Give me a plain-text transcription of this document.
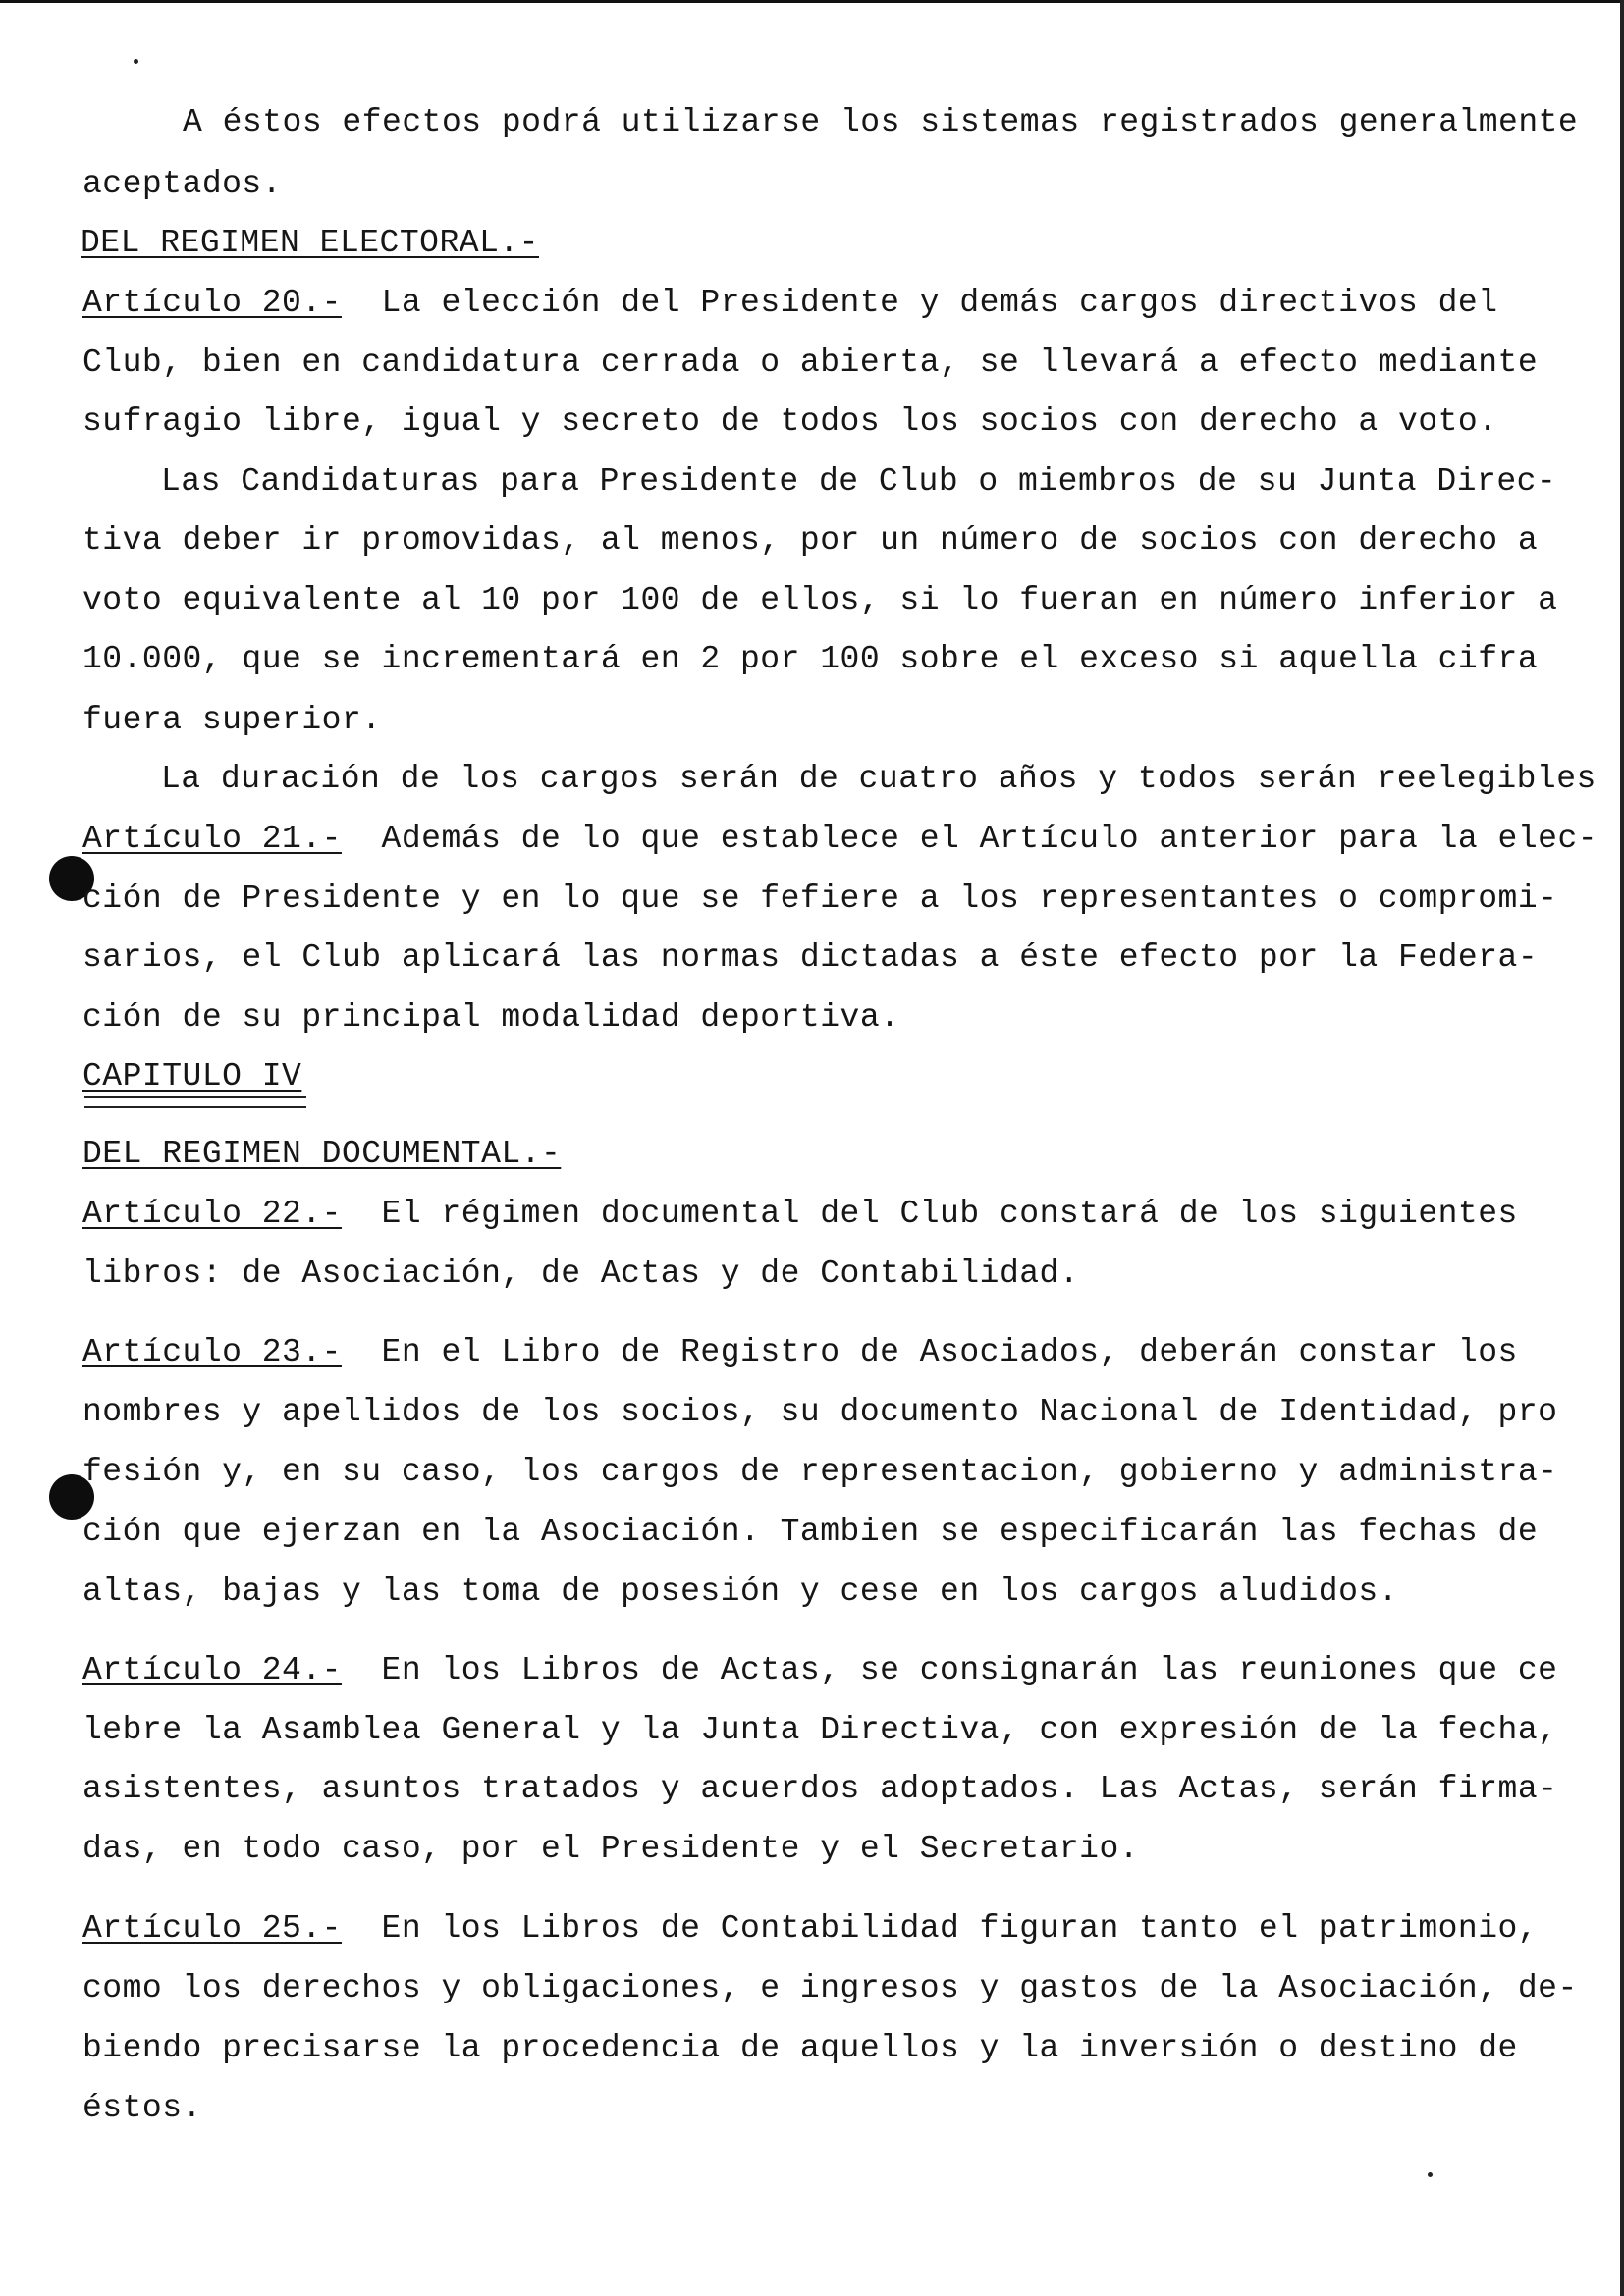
A éstos efectos podrá utilizarse los sistemas registrados generalmente
aceptados.
DEL REGIMEN ELECTORAL.-
Artículo 20.-  La elección del Presidente y demás cargos directivos del
Club, bien en candidatura cerrada o abierta, se llevará a efecto mediante
sufragio libre, igual y secreto de todos los socios con derecho a voto.
Las Candidaturas para Presidente de Club o miembros de su Junta Direc-
tiva deber ir promovidas, al menos, por un número de socios con derecho a
voto equivalente al 10 por 100 de ellos, si lo fueran en número inferior a
10.000, que se incrementará en 2 por 100 sobre el exceso si aquella cifra
fuera superior.
La duración de los cargos serán de cuatro años y todos serán reelegibles
Artículo 21.-  Además de lo que establece el Artículo anterior para la elec-
ción de Presidente y en lo que se fefiere a los representantes o compromi-
sarios, el Club aplicará las normas dictadas a éste efecto por la Federa-
ción de su principal modalidad deportiva.
CAPITULO IV
DEL REGIMEN DOCUMENTAL.-
Artículo 22.-  El régimen documental del Club constará de los siguientes
libros: de Asociación, de Actas y de Contabilidad.
Artículo 23.-  En el Libro de Registro de Asociados, deberán constar los
nombres y apellidos de los socios, su documento Nacional de Identidad, pro
fesión y, en su caso, los cargos de representacion, gobierno y administra-
ción que ejerzan en la Asociación. Tambien se especificarán las fechas de
altas, bajas y las toma de posesión y cese en los cargos aludidos.
Artículo 24.-  En los Libros de Actas, se consignarán las reuniones que ce
lebre la Asamblea General y la Junta Directiva, con expresión de la fecha,
asistentes, asuntos tratados y acuerdos adoptados. Las Actas, serán firma-
das, en todo caso, por el Presidente y el Secretario.
Artículo 25.-  En los Libros de Contabilidad figuran tanto el patrimonio,
como los derechos y obligaciones, e ingresos y gastos de la Asociación, de-
biendo precisarse la procedencia de aquellos y la inversión o destino de
éstos.
